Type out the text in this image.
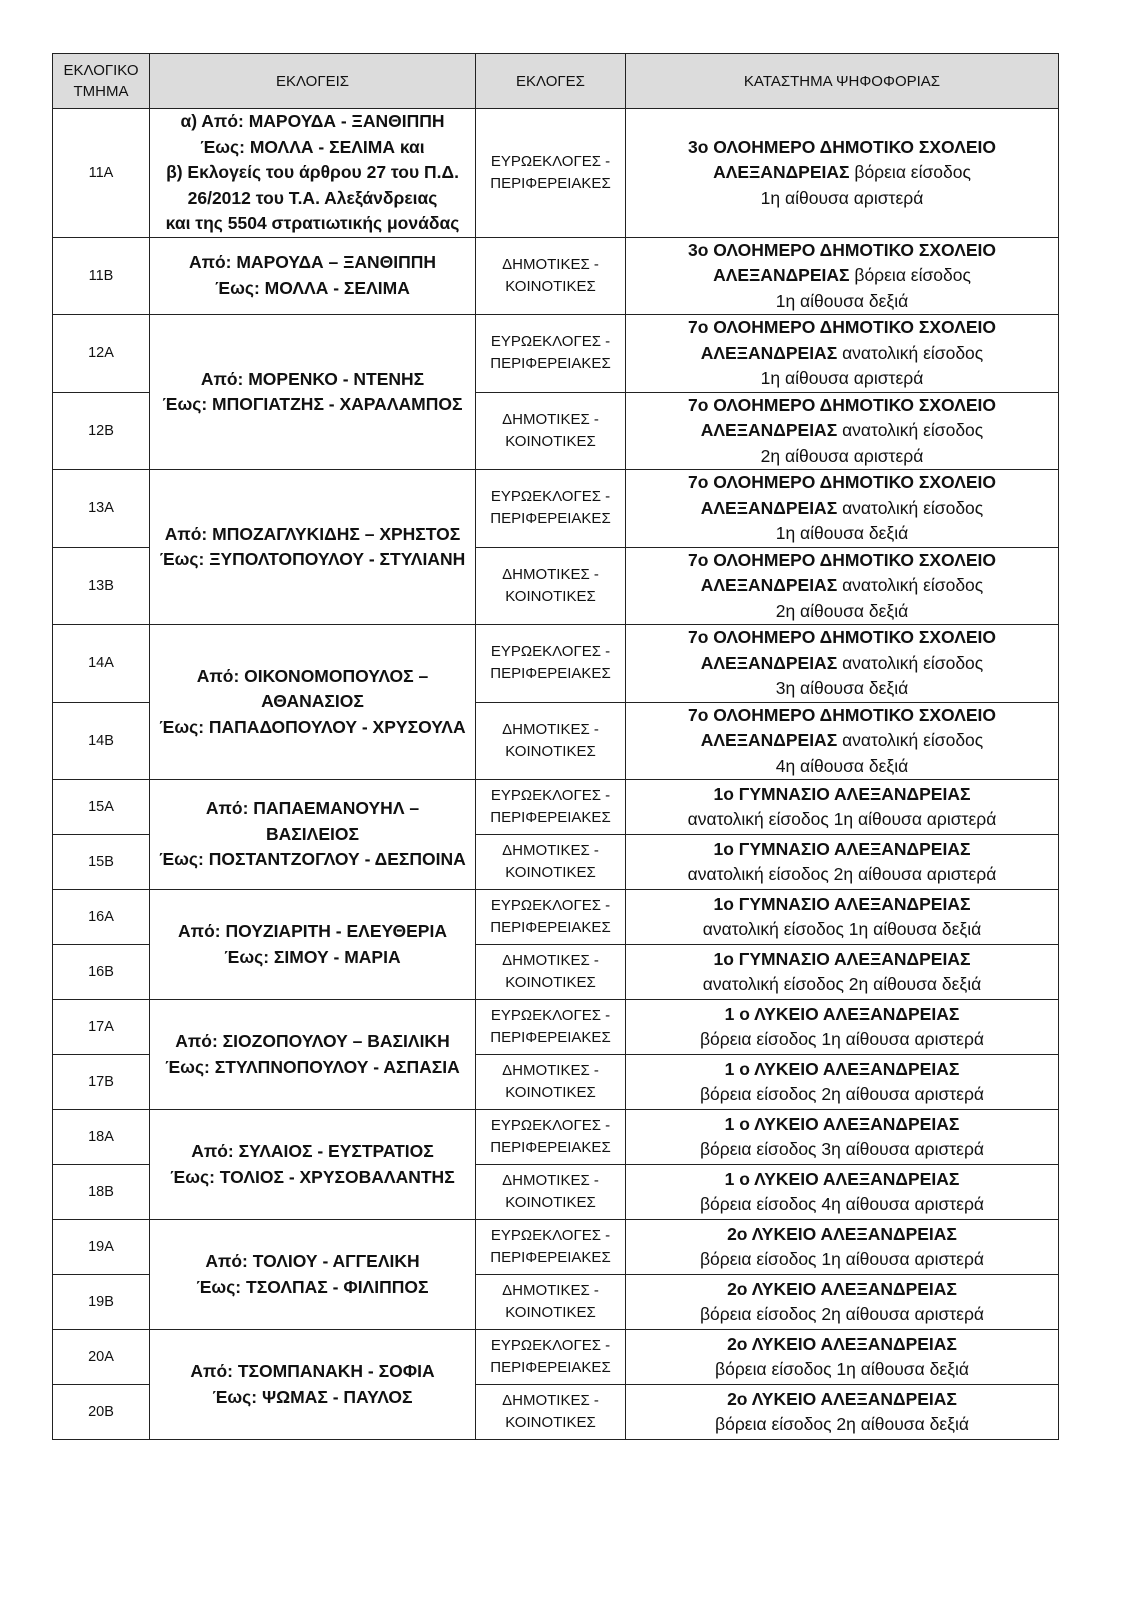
ΕΚΛΟΓΙΚΟ ΤΜΗΜΑ	ΕΚΛΟΓΕΙΣ	ΕΚΛΟΓΕΣ	ΚΑΤΑΣΤΗΜΑ ΨΗΦΟΦΟΡΙΑΣ
11Α	α) Από: ΜΑΡΟΥΔΑ - ΞΑΝΘΙΠΠΗ
Έως: ΜΟΛΛΑ - ΣΕΛΙΜΑ και
β) Εκλογείς του άρθρου 27 του Π.Δ.
26/2012 του Τ.Α. Αλεξάνδρειας
και της 5504 στρατιωτικής μονάδας	ΕΥΡΩΕΚΛΟΓΕΣ -
ΠΕΡΙΦΕΡΕΙΑΚΕΣ	3ο ΟΛΟΗΜΕΡΟ ΔΗΜΟΤΙΚΟ ΣΧΟΛΕΙΟ
ΑΛΕΞΑΝΔΡΕΙΑΣ βόρεια είσοδος
1η αίθουσα αριστερά
11Β	Από: ΜΑΡΟΥΔΑ – ΞΑΝΘΙΠΠΗ
Έως: ΜΟΛΛΑ - ΣΕΛΙΜΑ	ΔΗΜΟΤΙΚΕΣ -
ΚΟΙΝΟΤΙΚΕΣ	3ο ΟΛΟΗΜΕΡΟ ΔΗΜΟΤΙΚΟ ΣΧΟΛΕΙΟ
ΑΛΕΞΑΝΔΡΕΙΑΣ βόρεια είσοδος
1η αίθουσα δεξιά
12Α	Από: ΜΟΡΕΝΚΟ - ΝΤΕΝΗΣ
Έως: ΜΠΟΓΙΑΤΖΗΣ - ΧΑΡΑΛΑΜΠΟΣ	ΕΥΡΩΕΚΛΟΓΕΣ -
ΠΕΡΙΦΕΡΕΙΑΚΕΣ	7ο ΟΛΟΗΜΕΡΟ ΔΗΜΟΤΙΚΟ ΣΧΟΛΕΙΟ
ΑΛΕΞΑΝΔΡΕΙΑΣ ανατολική είσοδος
1η αίθουσα αριστερά
12Β		ΔΗΜΟΤΙΚΕΣ -
ΚΟΙΝΟΤΙΚΕΣ	7ο ΟΛΟΗΜΕΡΟ ΔΗΜΟΤΙΚΟ ΣΧΟΛΕΙΟ
ΑΛΕΞΑΝΔΡΕΙΑΣ ανατολική είσοδος
2η αίθουσα αριστερά
13Α	Από: ΜΠΟΖΑΓΛΥΚΙΔΗΣ – ΧΡΗΣΤΟΣ
Έως: ΞΥΠΟΛΤΟΠΟΥΛΟΥ - ΣΤΥΛΙΑΝΗ	ΕΥΡΩΕΚΛΟΓΕΣ -
ΠΕΡΙΦΕΡΕΙΑΚΕΣ	7ο ΟΛΟΗΜΕΡΟ ΔΗΜΟΤΙΚΟ ΣΧΟΛΕΙΟ
ΑΛΕΞΑΝΔΡΕΙΑΣ ανατολική είσοδος
1η αίθουσα δεξιά
13Β		ΔΗΜΟΤΙΚΕΣ -
ΚΟΙΝΟΤΙΚΕΣ	7ο ΟΛΟΗΜΕΡΟ ΔΗΜΟΤΙΚΟ ΣΧΟΛΕΙΟ
ΑΛΕΞΑΝΔΡΕΙΑΣ ανατολική είσοδος
2η αίθουσα δεξιά
14Α	Από: ΟΙΚΟΝΟΜΟΠΟΥΛΟΣ –
ΑΘΑΝΑΣΙΟΣ
Έως: ΠΑΠΑΔΟΠΟΥΛΟΥ - ΧΡΥΣΟΥΛΑ	ΕΥΡΩΕΚΛΟΓΕΣ -
ΠΕΡΙΦΕΡΕΙΑΚΕΣ	7ο ΟΛΟΗΜΕΡΟ ΔΗΜΟΤΙΚΟ ΣΧΟΛΕΙΟ
ΑΛΕΞΑΝΔΡΕΙΑΣ ανατολική είσοδος
3η αίθουσα δεξιά
14Β		ΔΗΜΟΤΙΚΕΣ -
ΚΟΙΝΟΤΙΚΕΣ	7ο ΟΛΟΗΜΕΡΟ ΔΗΜΟΤΙΚΟ ΣΧΟΛΕΙΟ
ΑΛΕΞΑΝΔΡΕΙΑΣ ανατολική είσοδος
4η αίθουσα δεξιά
15Α	Από: ΠΑΠΑΕΜΑΝΟΥΗΛ –
ΒΑΣΙΛΕΙΟΣ
Έως: ΠΟΣΤΑΝΤΖΟΓΛΟΥ - ΔΕΣΠΟΙΝΑ	ΕΥΡΩΕΚΛΟΓΕΣ -
ΠΕΡΙΦΕΡΕΙΑΚΕΣ	1ο ΓΥΜΝΑΣΙΟ ΑΛΕΞΑΝΔΡΕΙΑΣ
ανατολική είσοδος 1η αίθουσα αριστερά
15Β		ΔΗΜΟΤΙΚΕΣ -
ΚΟΙΝΟΤΙΚΕΣ	1ο ΓΥΜΝΑΣΙΟ ΑΛΕΞΑΝΔΡΕΙΑΣ
ανατολική είσοδος 2η αίθουσα αριστερά
16Α	Από: ΠΟΥΖΙΑΡΙΤΗ - ΕΛΕΥΘΕΡΙΑ
Έως: ΣΙΜΟΥ - ΜΑΡΙΑ	ΕΥΡΩΕΚΛΟΓΕΣ -
ΠΕΡΙΦΕΡΕΙΑΚΕΣ	1ο ΓΥΜΝΑΣΙΟ ΑΛΕΞΑΝΔΡΕΙΑΣ
ανατολική είσοδος 1η αίθουσα δεξιά
16Β		ΔΗΜΟΤΙΚΕΣ -
ΚΟΙΝΟΤΙΚΕΣ	1ο ΓΥΜΝΑΣΙΟ ΑΛΕΞΑΝΔΡΕΙΑΣ
ανατολική είσοδος 2η αίθουσα δεξιά
17Α	Από: ΣΙΟΖΟΠΟΥΛΟΥ – ΒΑΣΙΛΙΚΗ
Έως: ΣΤΥΛΠΝΟΠΟΥΛΟΥ - ΑΣΠΑΣΙΑ	ΕΥΡΩΕΚΛΟΓΕΣ -
ΠΕΡΙΦΕΡΕΙΑΚΕΣ	1 ο ΛΥΚΕΙΟ ΑΛΕΞΑΝΔΡΕΙΑΣ
βόρεια είσοδος 1η αίθουσα αριστερά
17Β		ΔΗΜΟΤΙΚΕΣ -
ΚΟΙΝΟΤΙΚΕΣ	1 ο ΛΥΚΕΙΟ ΑΛΕΞΑΝΔΡΕΙΑΣ
βόρεια είσοδος 2η αίθουσα αριστερά
18Α	Από: ΣΥΛΑΙΟΣ - ΕΥΣΤΡΑΤΙΟΣ
Έως: ΤΟΛΙΟΣ - ΧΡΥΣΟΒΑΛΑΝΤΗΣ	ΕΥΡΩΕΚΛΟΓΕΣ -
ΠΕΡΙΦΕΡΕΙΑΚΕΣ	1 ο ΛΥΚΕΙΟ ΑΛΕΞΑΝΔΡΕΙΑΣ
βόρεια είσοδος 3η αίθουσα αριστερά
18Β		ΔΗΜΟΤΙΚΕΣ -
ΚΟΙΝΟΤΙΚΕΣ	1 ο ΛΥΚΕΙΟ ΑΛΕΞΑΝΔΡΕΙΑΣ
βόρεια είσοδος 4η αίθουσα αριστερά
19Α	Από: ΤΟΛΙΟΥ - ΑΓΓΕΛΙΚΗ
Έως: ΤΣΟΛΠΑΣ - ΦΙΛΙΠΠΟΣ	ΕΥΡΩΕΚΛΟΓΕΣ -
ΠΕΡΙΦΕΡΕΙΑΚΕΣ	2ο ΛΥΚΕΙΟ ΑΛΕΞΑΝΔΡΕΙΑΣ
βόρεια είσοδος 1η αίθουσα αριστερά
19Β		ΔΗΜΟΤΙΚΕΣ -
ΚΟΙΝΟΤΙΚΕΣ	2ο ΛΥΚΕΙΟ ΑΛΕΞΑΝΔΡΕΙΑΣ
βόρεια είσοδος 2η αίθουσα αριστερά
20Α	Από: ΤΣΟΜΠΑΝΑΚΗ - ΣΟΦΙΑ
Έως: ΨΩΜΑΣ - ΠΑΥΛΟΣ	ΕΥΡΩΕΚΛΟΓΕΣ -
ΠΕΡΙΦΕΡΕΙΑΚΕΣ	2ο ΛΥΚΕΙΟ ΑΛΕΞΑΝΔΡΕΙΑΣ
βόρεια είσοδος 1η αίθουσα δεξιά
20Β		ΔΗΜΟΤΙΚΕΣ -
ΚΟΙΝΟΤΙΚΕΣ	2ο ΛΥΚΕΙΟ ΑΛΕΞΑΝΔΡΕΙΑΣ
βόρεια είσοδος 2η αίθουσα δεξιά
